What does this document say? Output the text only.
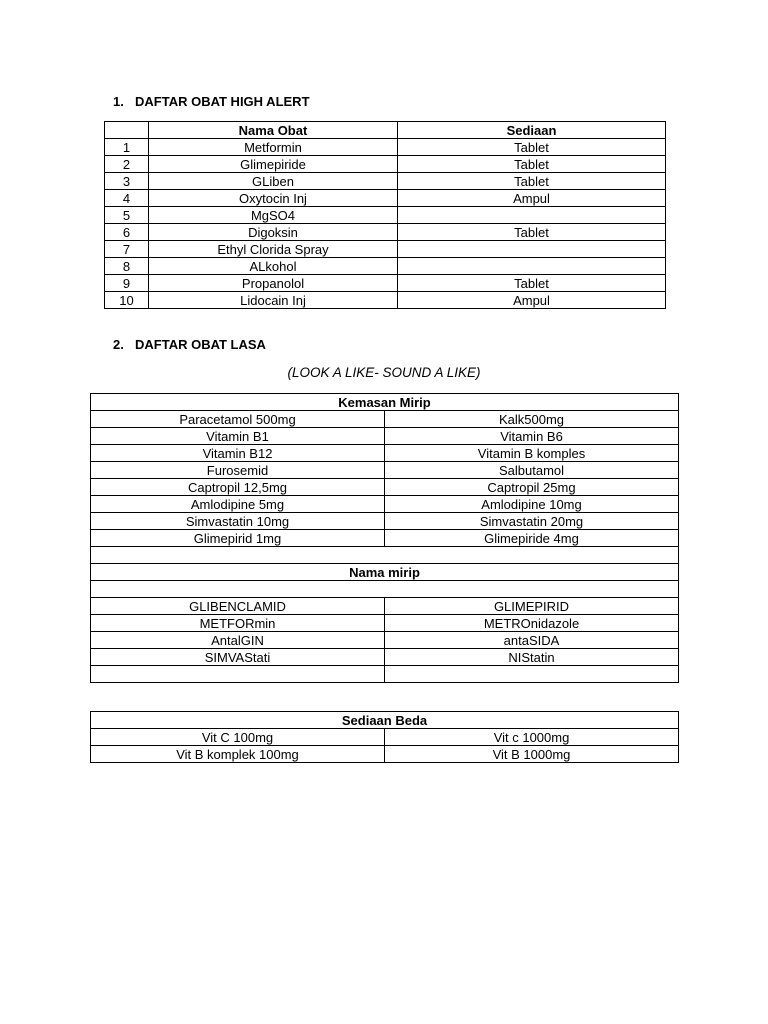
1. DAFTAR OBAT HIGH ALERT
	Nama Obat	Sediaan
1	Metformin	Tablet
2	Glimepiride	Tablet
3	GLiben	Tablet
4	Oxytocin Inj	Ampul
5	MgSO4	
6	Digoksin	Tablet
7	Ethyl Clorida Spray	
8	ALkohol	
9	Propanolol	Tablet
10	Lidocain Inj	Ampul
2. DAFTAR OBAT LASA
(LOOK A LIKE- SOUND A LIKE)
Kemasan Mirip	
Paracetamol 500mg	Kalk500mg
Vitamin B1	Vitamin B6
Vitamin B12	Vitamin B komples
Furosemid	Salbutamol
Captropil 12,5mg	Captropil 25mg
Amlodipine 5mg	Amlodipine 10mg
Simvastatin 10mg	Simvastatin 20mg
Glimepirid 1mg	Glimepiride 4mg

Nama mirip	

GLIBENCLAMID	GLIMEPIRID
METFORmin	METROnidazole
AntalGIN	antaSIDA
SIMVAStati	NIStatin

Sediaan Beda	
Vit C 100mg	Vit c 1000mg
Vit B komplek 100mg	Vit B 1000mg
